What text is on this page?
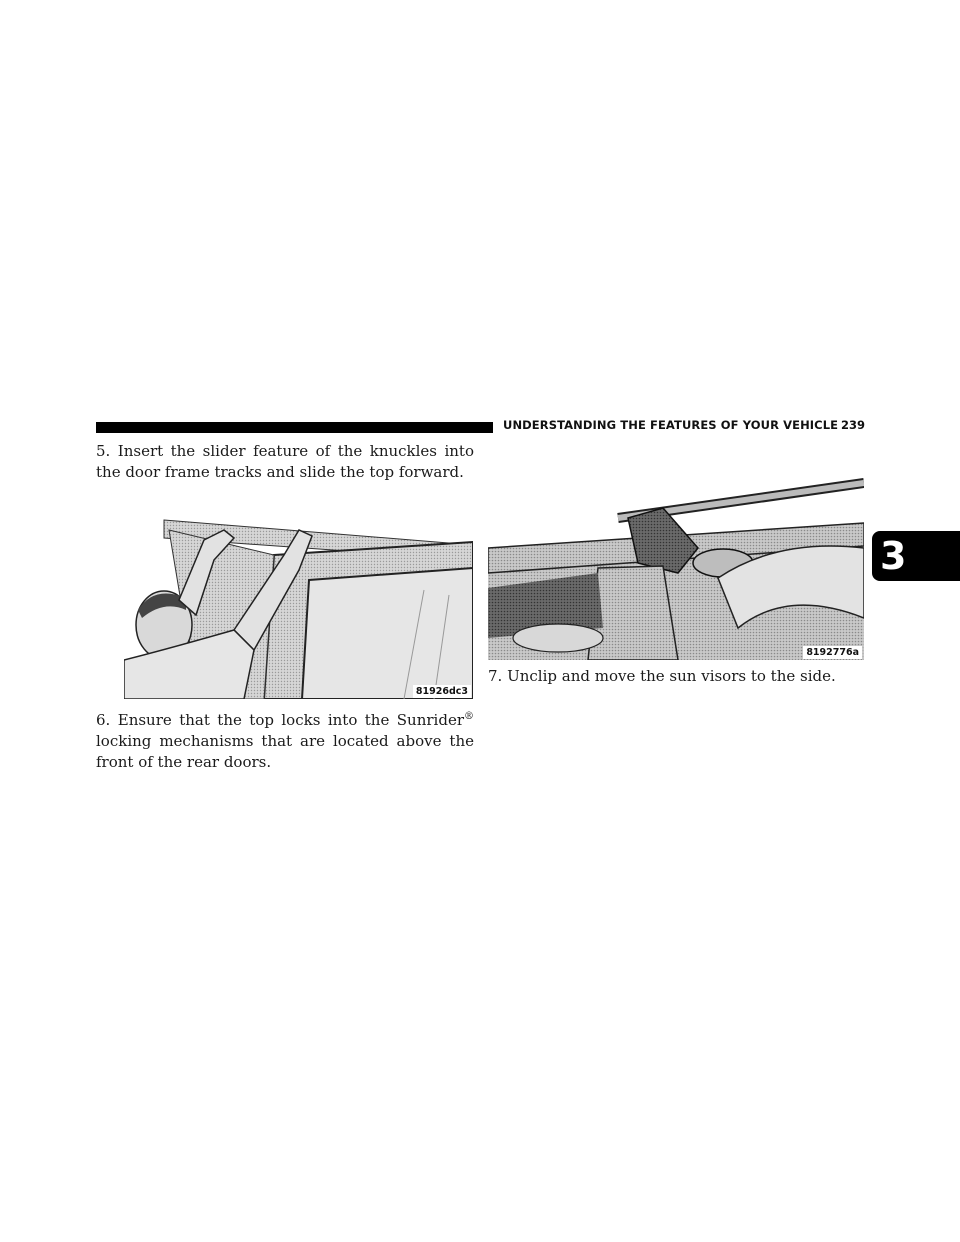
UNDERSTANDING THE FEATURES OF YOUR VEHICLE 239
3

5. Insert the slider feature of the knuckles into the door frame tracks and slide the top forward.

81926dc3

6. Ensure that the top locks into the Sunrider® locking mechanisms that are located above the front of the rear doors.

8192776a

7. Unclip and move the sun visors to the side.
